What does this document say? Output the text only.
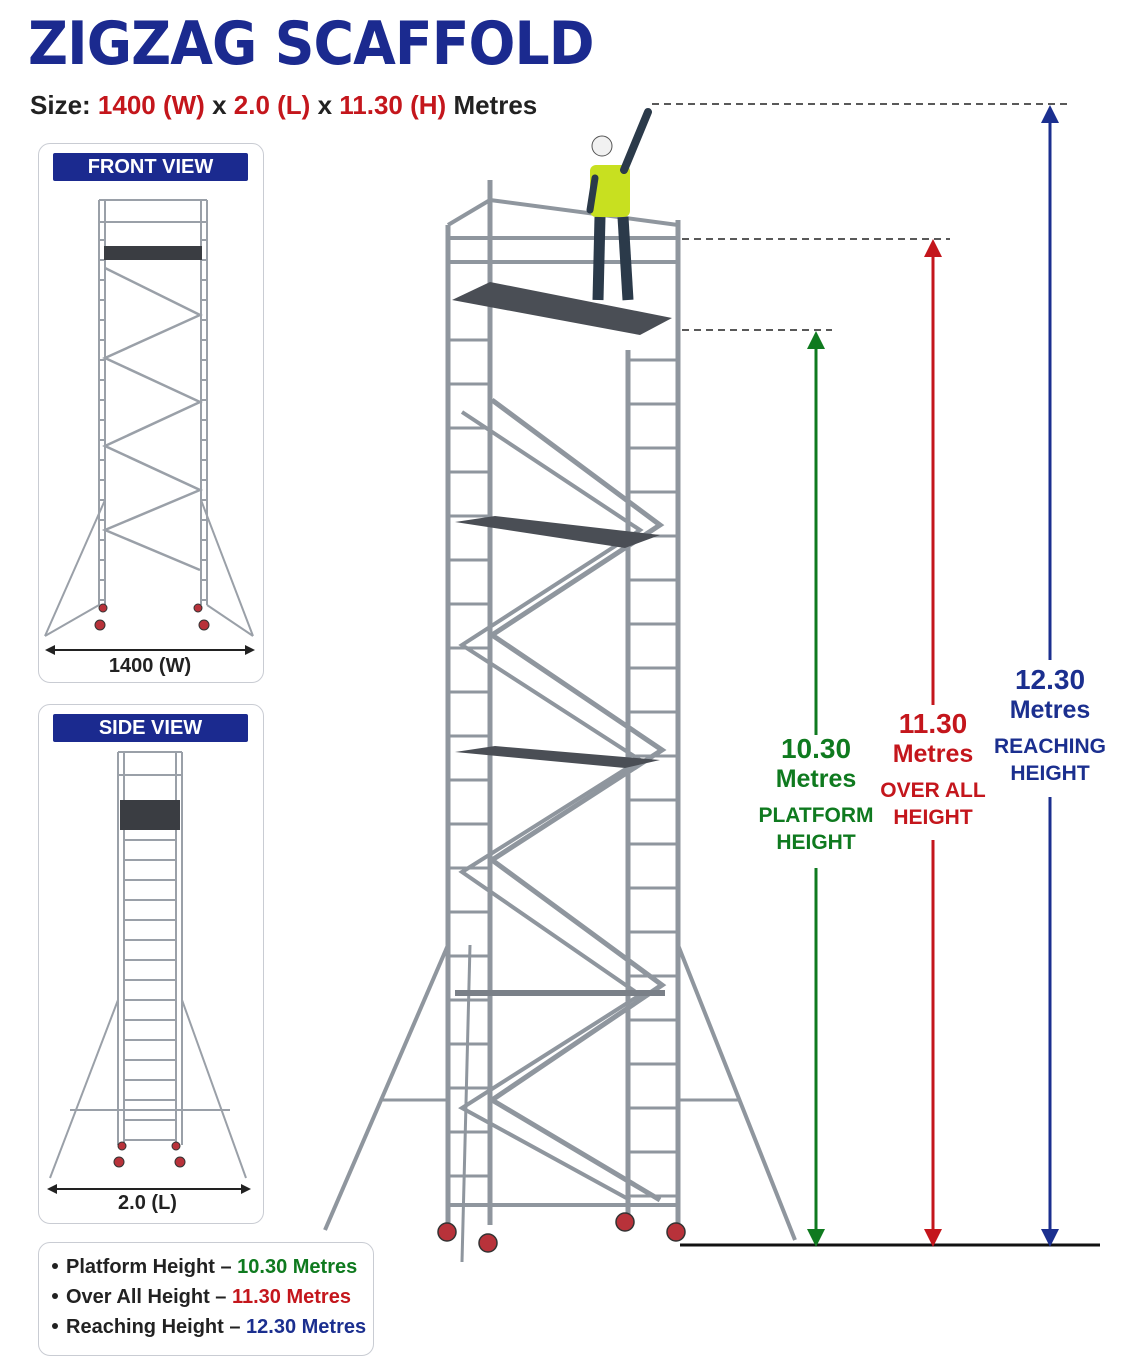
ZIGZAG SCAFFOLD
Size: 1400 (W) x 2.0 (L) x 11.30 (H) Metres
FRONT VIEW
1400 (W)
SIDE VIEW
2.0 (L)
Platform Height – 10.30 Metres
Over All Height – 11.30 Metres
Reaching Height – 12.30 Metres
10.30
Metres
PLATFORM
HEIGHT
11.30
Metres
OVER ALL
HEIGHT
12.30
Metres
REACHING
HEIGHT
